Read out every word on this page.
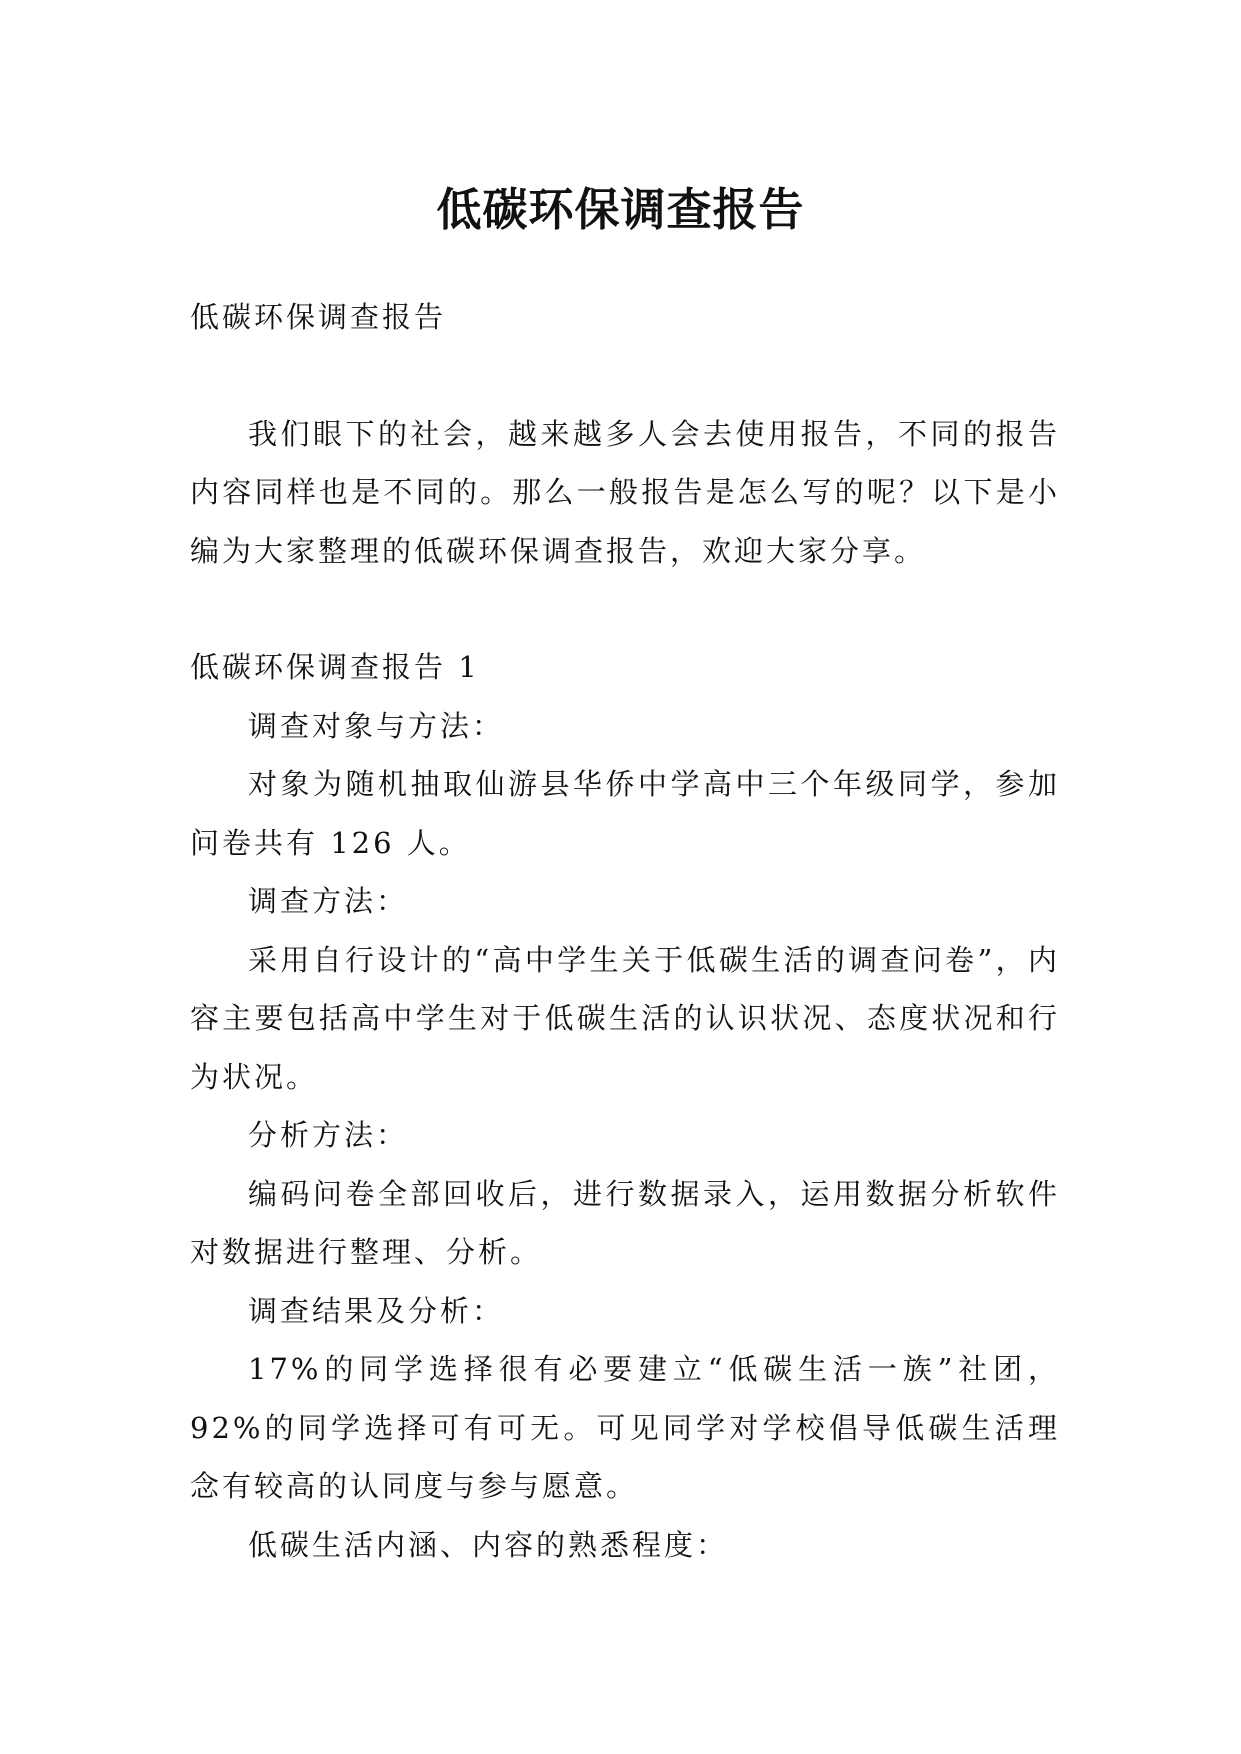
低碳环保调查报告

低碳环保调查报告

我们眼下的社会，越来越多人会去使用报告，不同的报告内容同样也是不同的。那么一般报告是怎么写的呢？以下是小编为大家整理的低碳环保调查报告，欢迎大家分享。

低碳环保调查报告 1

调查对象与方法：

对象为随机抽取仙游县华侨中学高中三个年级同学，参加问卷共有 126 人。

调查方法：

采用自行设计的“高中学生关于低碳生活的调查问卷”，内容主要包括高中学生对于低碳生活的认识状况、态度状况和行为状况。

分析方法：

编码问卷全部回收后，进行数据录入，运用数据分析软件对数据进行整理、分析。

调查结果及分析：

17%的同学选择很有必要建立“低碳生活一族”社团，92%的同学选择可有可无。可见同学对学校倡导低碳生活理念有较高的认同度与参与愿意。

低碳生活内涵、内容的熟悉程度：
